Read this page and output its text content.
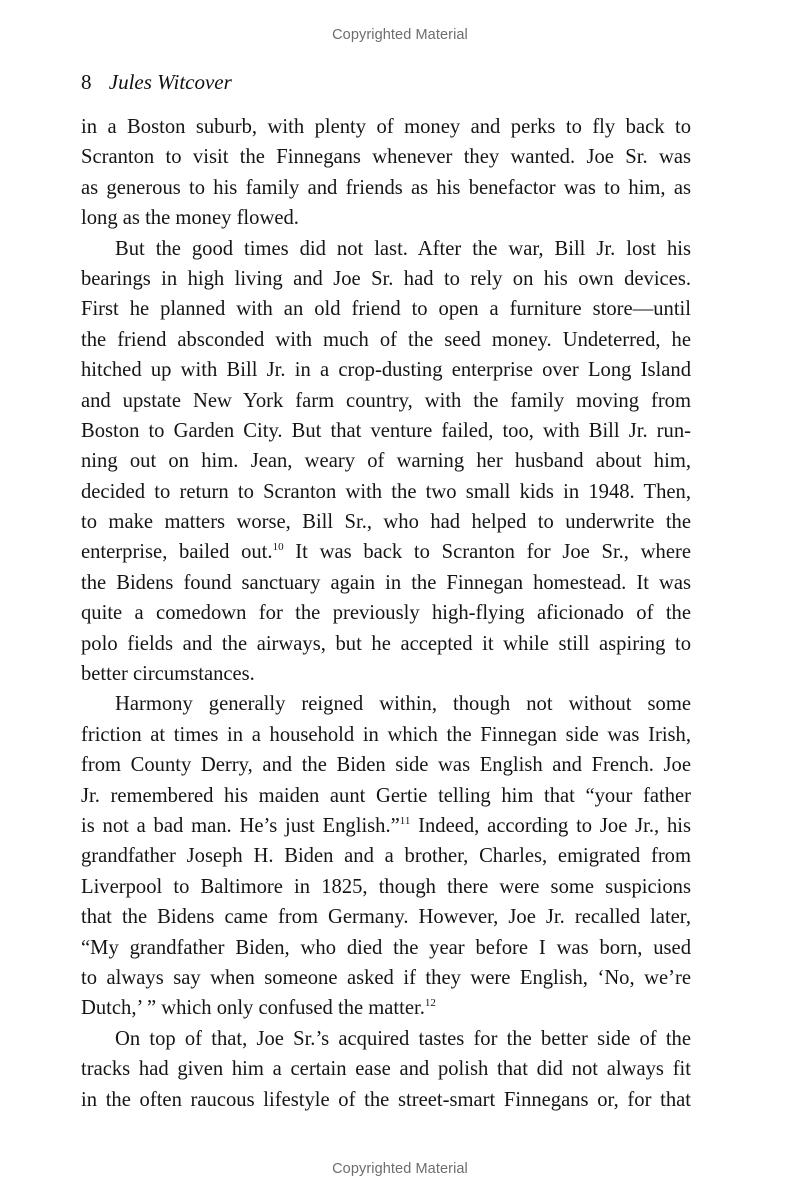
Copyrighted Material
8 Jules Witcover
in a Boston suburb, with plenty of money and perks to fly back to
Scranton to visit the Finnegans whenever they wanted. Joe Sr. was
as generous to his family and friends as his benefactor was to him, as
long as the money flowed.
But the good times did not last. After the war, Bill Jr. lost his
bearings in high living and Joe Sr. had to rely on his own devices.
First he planned with an old friend to open a furniture store—until
the friend absconded with much of the seed money. Undeterred, he
hitched up with Bill Jr. in a crop-dusting enterprise over Long Island
and upstate New York farm country, with the family moving from
Boston to Garden City. But that venture failed, too, with Bill Jr. run-
ning out on him. Jean, weary of warning her husband about him,
decided to return to Scranton with the two small kids in 1948. Then,
to make matters worse, Bill Sr., who had helped to underwrite the
enterprise, bailed out.$^{10}$ It was back to Scranton for Joe Sr., where
the Bidens found sanctuary again in the Finnegan homestead. It was
quite a comedown for the previously high-flying aficionado of the
polo fields and the airways, but he accepted it while still aspiring to
better circumstances.
Harmony generally reigned within, though not without some
friction at times in a household in which the Finnegan side was Irish,
from County Derry, and the Biden side was English and French. Joe
Jr. remembered his maiden aunt Gertie telling him that “your father
is not a bad man. He’s just English.”$^{11}$ Indeed, according to Joe Jr., his
grandfather Joseph H. Biden and a brother, Charles, emigrated from
Liverpool to Baltimore in 1825, though there were some suspicions
that the Bidens came from Germany. However, Joe Jr. recalled later,
“My grandfather Biden, who died the year before I was born, used
to always say when someone asked if they were English, ‘No, we’re
Dutch,’ ” which only confused the matter.$^{12}$
On top of that, Joe Sr.’s acquired tastes for the better side of the
tracks had given him a certain ease and polish that did not always fit
in the often raucous lifestyle of the street-smart Finnegans or, for that
Copyrighted Material
